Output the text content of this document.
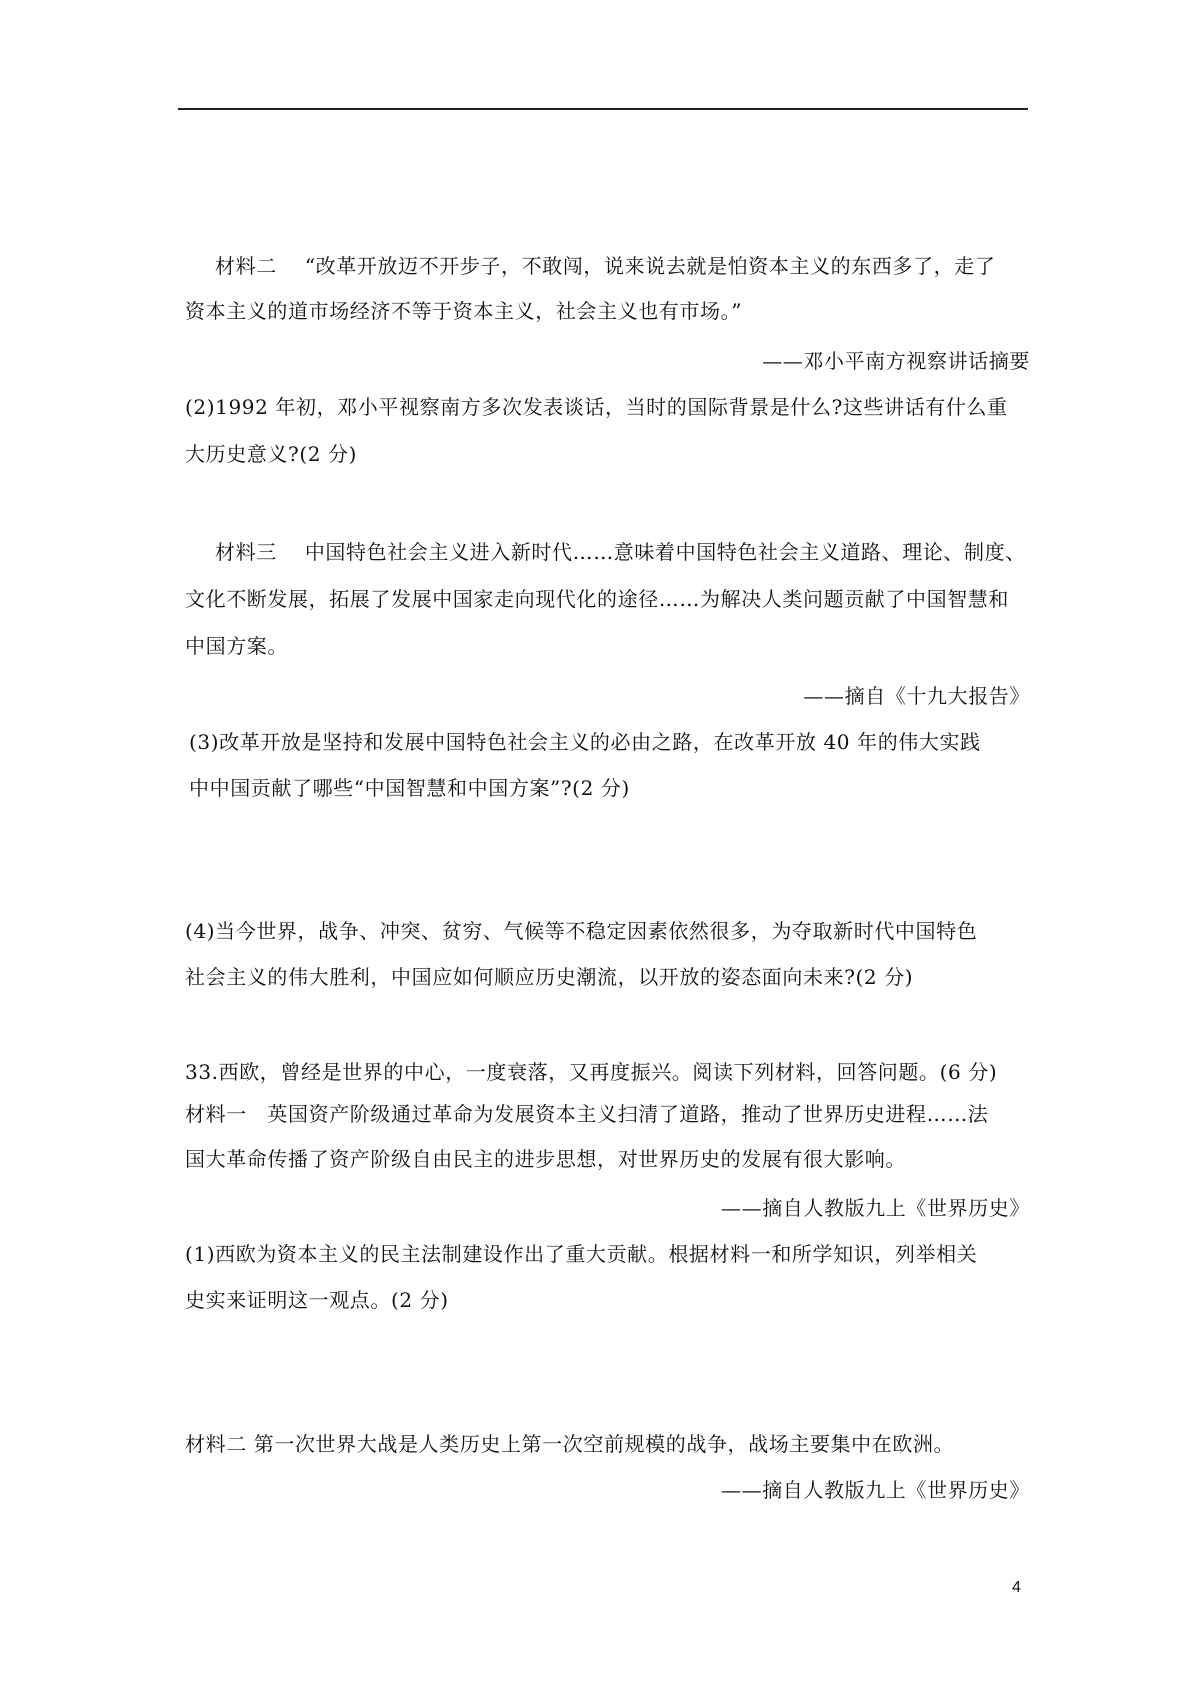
材料二 “改革开放迈不开步子，不敢闯，说来说去就是怕资本主义的东西多了，走了
资本主义的道市场经济不等于资本主义，社会主义也有市场。”
——邓小平南方视察讲话摘要
(2)1992 年初，邓小平视察南方多次发表谈话，当时的国际背景是什么?这些讲话有什么重
大历史意义?(2 分)
材料三 中国特色社会主义进入新时代……意味着中国特色社会主义道路、理论、制度、
文化不断发展，拓展了发展中国家走向现代化的途径……为解决人类问题贡献了中国智慧和
中国方案。
——摘自《十九大报告》
(3)改革开放是坚持和发展中国特色社会主义的必由之路，在改革开放 40 年的伟大实践
中中国贡献了哪些“中国智慧和中国方案”?(2 分)
(4)当今世界，战争、冲突、贫穷、气候等不稳定因素依然很多，为夺取新时代中国特色
社会主义的伟大胜利，中国应如何顺应历史潮流，以开放的姿态面向未来?(2 分)
33.西欧，曾经是世界的中心，一度衰落，又再度振兴。阅读下列材料，回答问题。(6 分)
材料一　英国资产阶级通过革命为发展资本主义扫清了道路，推动了世界历史进程……法
国大革命传播了资产阶级自由民主的进步思想，对世界历史的发展有很大影响。
——摘自人教版九上《世界历史》
(1)西欧为资本主义的民主法制建设作出了重大贡献。根据材料一和所学知识，列举相关
史实来证明这一观点。(2 分)
材料二 第一次世界大战是人类历史上第一次空前规模的战争，战场主要集中在欧洲。
——摘自人教版九上《世界历史》
4
